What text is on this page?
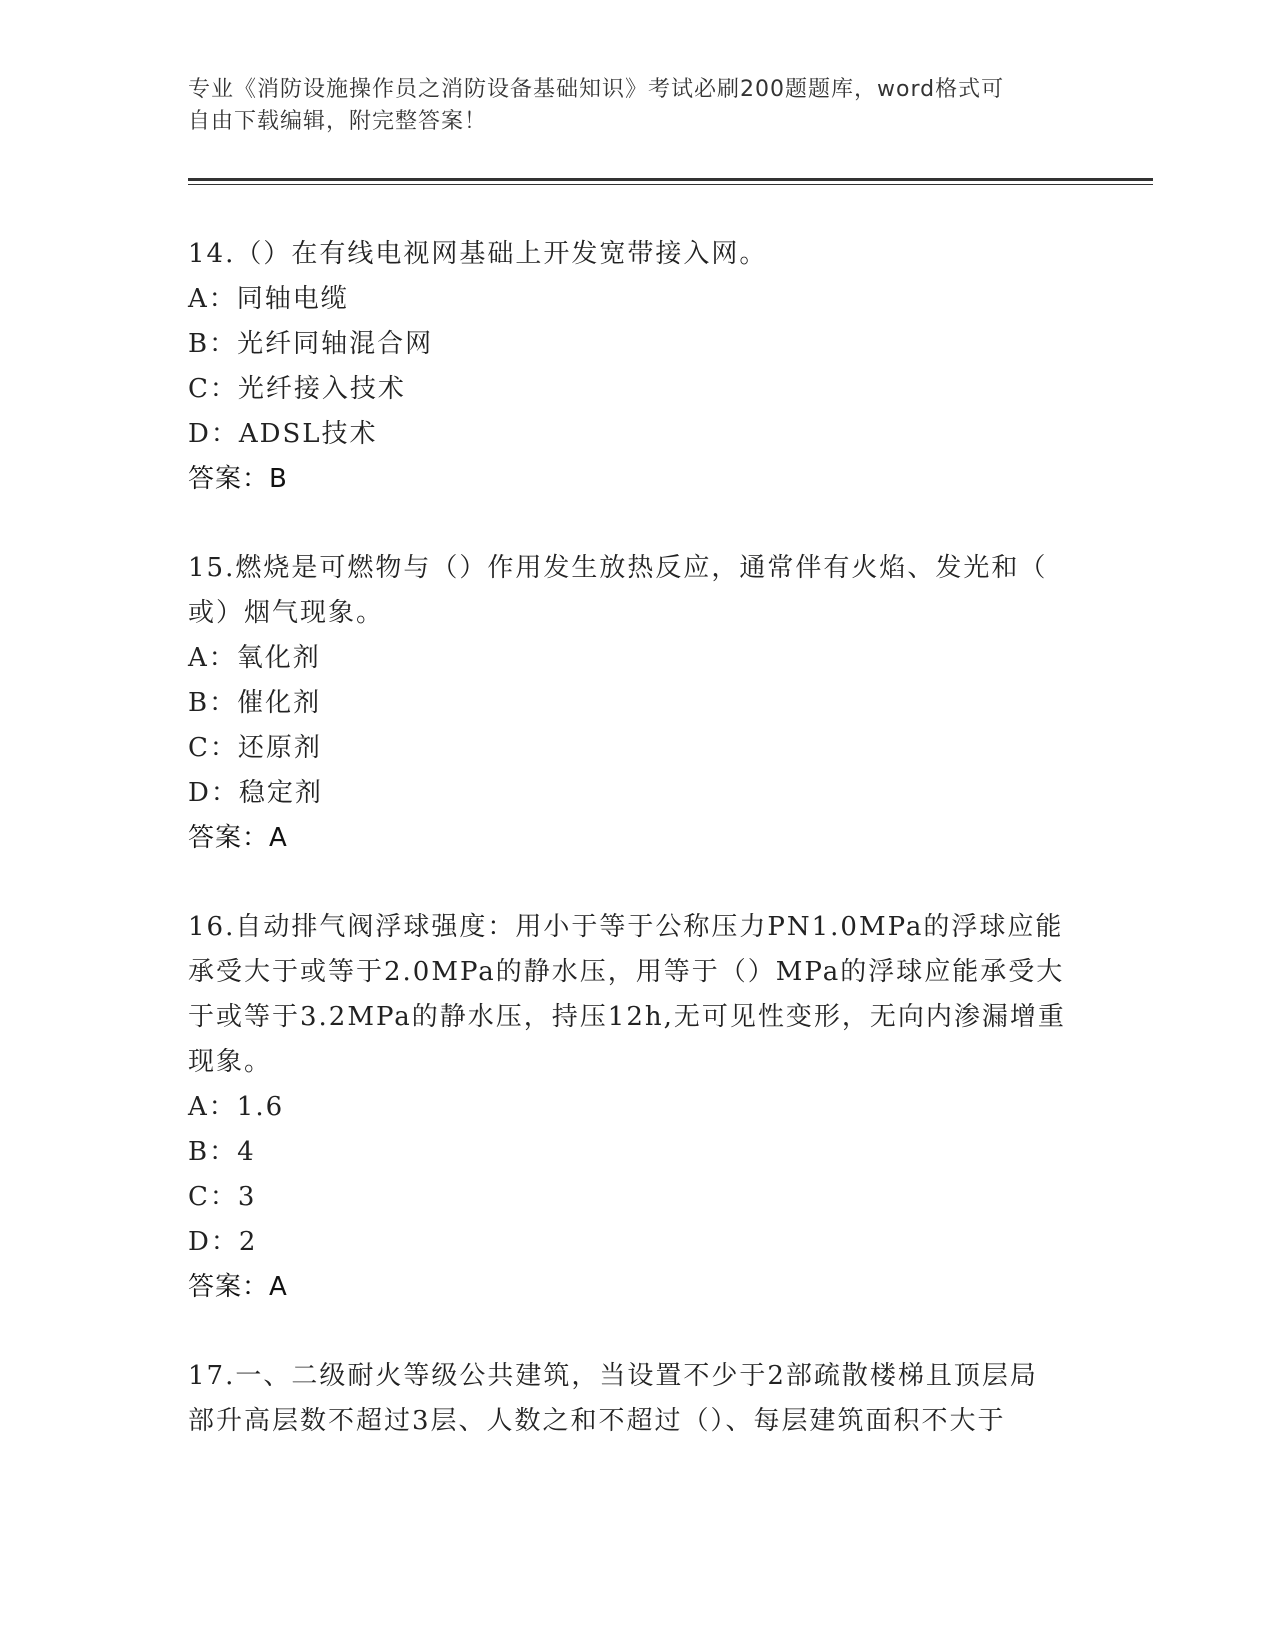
专业《消防设施操作员之消防设备基础知识》考试必刷200题题库，word格式可
自由下载编辑，附完整答案！

14.（）在有线电视网基础上开发宽带接入网。

A：同轴电缆

B：光纤同轴混合网

C：光纤接入技术

D：ADSL技术

答案：B

15.燃烧是可燃物与（）作用发生放热反应，通常伴有火焰、发光和（

或）烟气现象。

A：氧化剂

B：催化剂

C：还原剂

D：稳定剂

答案：A

16.自动排气阀浮球强度：用小于等于公称压力PN1.0MPa的浮球应能

承受大于或等于2.0MPa的静水压，用等于（）MPa的浮球应能承受大

于或等于3.2MPa的静水压，持压12h,无可见性变形，无向内渗漏增重

现象。

A：1.6

B：4

C：3

D：2

答案：A

17.一、二级耐火等级公共建筑，当设置不少于2部疏散楼梯且顶层局

部升高层数不超过3层、人数之和不超过（）、每层建筑面积不大于
